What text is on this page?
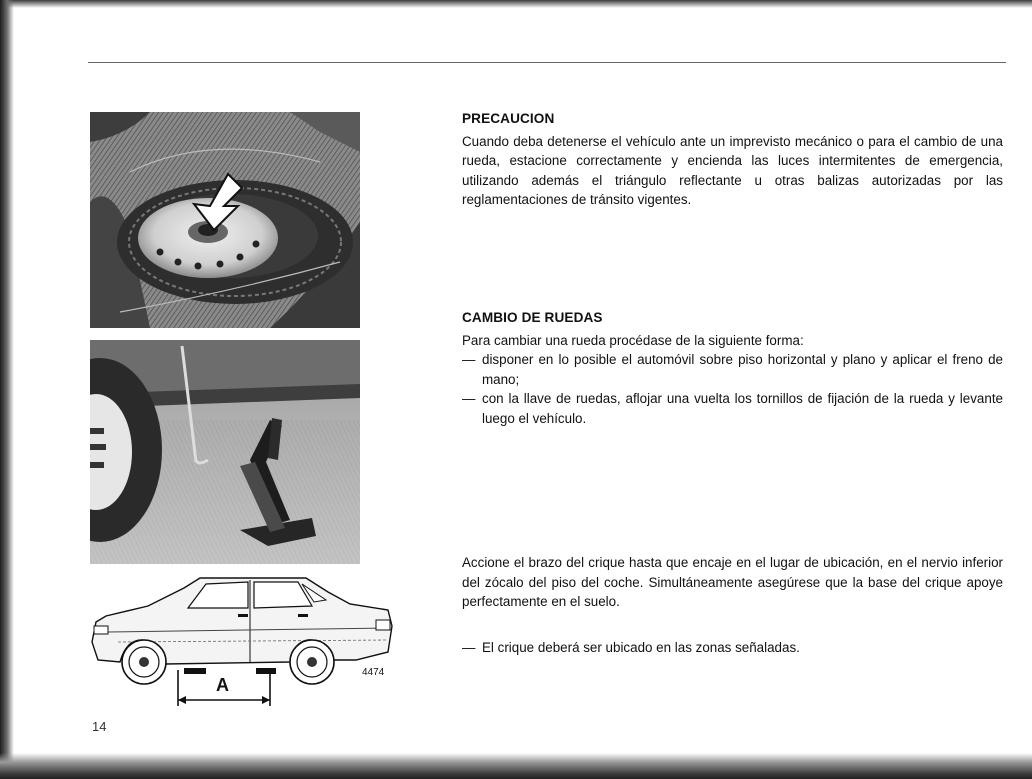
A
4474
PRECAUCION

Cuando deba detenerse el vehículo ante un imprevisto mecánico o para el cambio de una rueda, estacione correctamente y encienda las luces intermitentes de emergencia, utilizando además el triángulo reflectante u otras balizas autorizadas por las reglamentaciones de tránsito vigentes.

CAMBIO DE RUEDAS

Para cambiar una rueda procédase de la siguiente forma:

— disponer en lo posible el automóvil sobre piso horizontal y plano y aplicar el freno de mano;
— con la llave de ruedas, aflojar una vuelta los tornillos de fijación de la rueda y levante luego el vehículo.

Accione el brazo del crique hasta que encaje en el lugar de ubicación, en el nervio inferior del zócalo del piso del coche. Simultáneamente asegúrese que la base del crique apoye perfectamente en el suelo.

— El crique deberá ser ubicado en las zonas señaladas.
14
